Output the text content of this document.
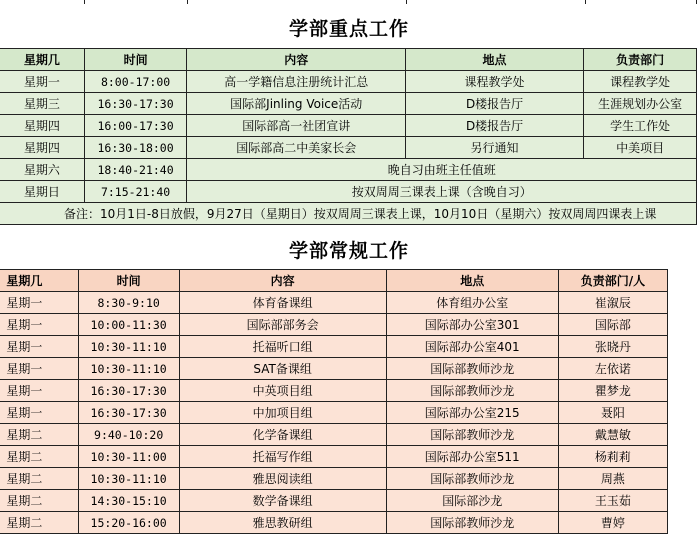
学部重点工作
星期几	时间	内容	地点	负责部门
星期一	8:00-17:00	高一学籍信息注册统计汇总	课程教学处	课程教学处
星期三	16:30-17:30	国际部Jinling Voice活动	D楼报告厅	生涯规划办公室
星期四	16:00-17:30	国际部高一社团宣讲	D楼报告厅	学生工作处
星期四	16:30-18:00	国际部高二中美家长会	另行通知	中美项目
星期六	18:40-21:40	晚自习由班主任值班		
星期日	7:15-21:40	按双周周三课表上课（含晚自习）		
备注：10月1日-8日放假，9月27日（星期日）按双周周三课表上课，10月10日（星期六）按双周周四课表上课				
学部常规工作
星期几	时间	内容	地点	负责部门/人
星期一	8:30-9:10	体育备课组	体育组办公室	崔溆辰
星期一	10:00-11:30	国际部部务会	国际部办公室301	国际部
星期一	10:30-11:10	托福听口组	国际部办公室401	张晓丹
星期一	10:30-11:10	SAT备课组	国际部教师沙龙	左依诺
星期一	16:30-17:30	中英项目组	国际部教师沙龙	瞿梦龙
星期一	16:30-17:30	中加项目组	国际部办公室215	聂阳
星期二	9:40-10:20	化学备课组	国际部教师沙龙	戴慧敏
星期二	10:30-11:00	托福写作组	国际部办公室511	杨莉莉
星期二	10:30-11:10	雅思阅读组	国际部教师沙龙	周燕
星期二	14:30-15:10	数学备课组	国际部沙龙	王玉茹
星期二	15:20-16:00	雅思教研组	国际部教师沙龙	曹婷
